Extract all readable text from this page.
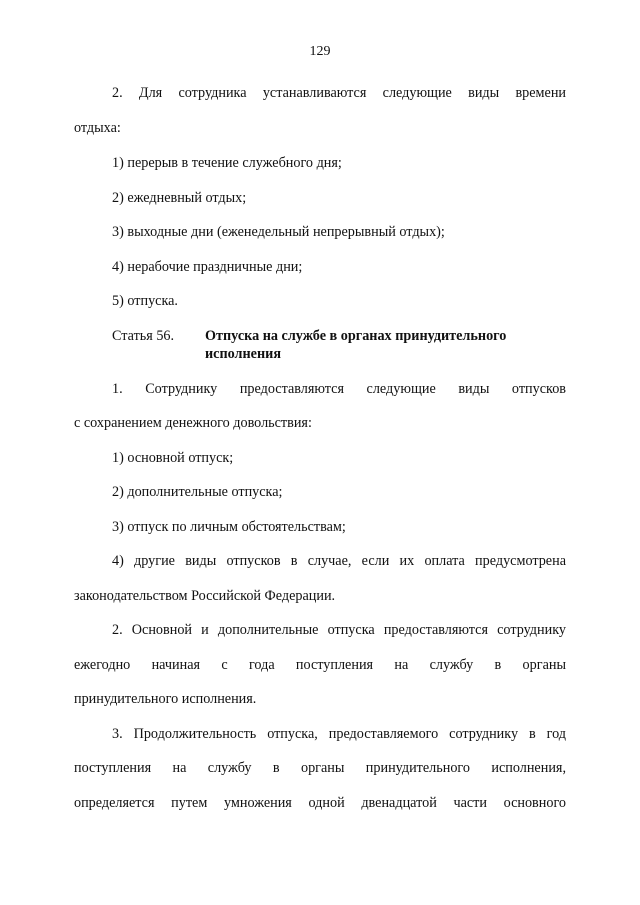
129
2. Для сотрудника устанавливаются следующие виды времени
отдыха:
1) перерыв в течение служебного дня;
2) ежедневный отдых;
3) выходные дни (еженедельный непрерывный отдых);
4) нерабочие праздничные дни;
5) отпуска.
Статья 56. Отпуска на службе в органах принудительного
исполнения
1. Сотруднику предоставляются следующие виды отпусков
с сохранением денежного довольствия:
1) основной отпуск;
2) дополнительные отпуска;
3) отпуск по личным обстоятельствам;
4) другие виды отпусков в случае, если их оплата предусмотрена
законодательством Российской Федерации.
2. Основной и дополнительные отпуска предоставляются сотруднику
ежегодно начиная с года поступления на службу в органы
принудительного исполнения.
3. Продолжительность отпуска, предоставляемого сотруднику в год
поступления на службу в органы принудительного исполнения,
определяется путем умножения одной двенадцатой части основного
